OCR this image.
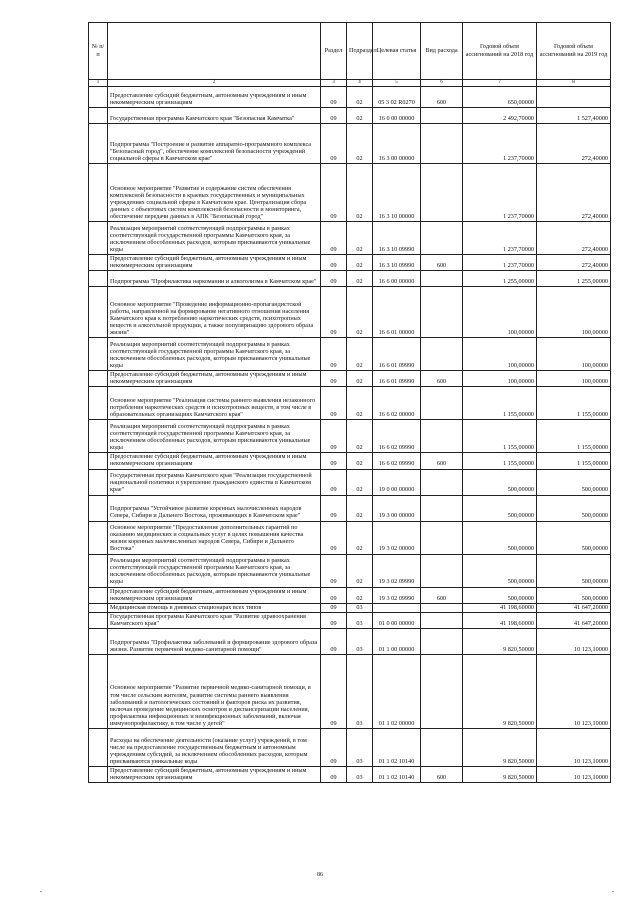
№ п/п		Раздел	Подраздел	Целевая статья	Вид расхода	Годовой объем ассигнований на 2018 год	Годовой объем ассигнований на 2019 год
1	2	3	4	5	6	7	8
	Предоставление субсидий бюджетным, автономным учреждениям и иным некоммерческим организациям	09	02	05 3 02 R0270	600	650,00000	
	Государственная программа Камчатского края "Безопасная Камчатка"	09	02	16 0 00 00000		2 492,70000	1 527,40000
	Подпрограмма "Построение и развитие аппаратно-программного комплекса "Безопасный город", обеспечение комплексной безопасности учреждений социальной сферы в Камчатском крае"	09	02	16 3 00 00000		1 237,70000	272,40000
	Основное мероприятие "Развитие и содержание систем обеспечения комплексной безопасности в краевых государственных и муниципальных учреждениях социальной сферы в Камчатском крае. Централизация сбора данных с объектовых систем комплексной безопасности и мониторинга, обеспечение передачи данных в АПК "Безопасный город"	09	02	16 3 10 00000		1 237,70000	272,40000
	Реализация мероприятий соответствующей подпрограммы в рамках соответствующей государственной программы Камчатского края, за исключением обособленных расходов, которым присваиваются уникальные коды	09	02	16 3 10 09990		1 237,70000	272,40000
	Предоставление субсидий бюджетным, автономным учреждениям и иным некоммерческим организациям	09	02	16 3 10 09990	600	1 237,70000	272,40000
	Подпрограмма "Профилактика наркомании и алкоголизма в Камчатском крае"	09	02	16 6 00 00000		1 255,00000	1 255,00000
	Основное мероприятие "Проведение информационно-пропагандистской работы, направленной на формирование негативного отношения населения Камчатского края к потреблению наркотических средств, психотропных веществ и алкогольной продукции, а также популяризацию здорового образа жизни"	09	02	16 6 01 00000		100,00000	100,00000
	Реализация мероприятий соответствующей подпрограммы в рамках соответствующей государственной программы Камчатского края, за исключением обособленных расходов, которым присваиваются уникальные коды	09	02	16 6 01 09990		100,00000	100,00000
	Предоставление субсидий бюджетным, автономным учреждениям и иным некоммерческим организациям	09	02	16 6 01 09990	600	100,00000	100,00000
	Основное мероприятие "Реализация системы раннего выявления незаконного потребления наркотических средств и психотропных веществ, в том числе в образовательных организациях Камчатского края"	09	02	16 6 02 00000		1 155,00000	1 155,00000
	Реализация мероприятий соответствующей подпрограммы в рамках соответствующей государственной программы Камчатского края, за исключением обособленных расходов, которым присваиваются уникальные коды	09	02	16 6 02 09990		1 155,00000	1 155,00000
	Предоставление субсидий бюджетным, автономным учреждениям и иным некоммерческим организациям	09	02	16 6 02 09990	600	1 155,00000	1 155,00000
	Государственная программа Камчатского края "Реализация государственной национальной политики и укрепление гражданского единства в Камчатском крае"	09	02	19 0 00 00000		500,00000	500,00000
	Подпрограмма "Устойчивое развитие коренных малочисленных народов Севера, Сибири и Дальнего Востока, проживающих в Камчатском крае"	09	02	19 3 00 00000		500,00000	500,00000
	Основное мероприятие "Предоставление дополнительных гарантий по оказанию медицинских и социальных услуг в целях повышения качества жизни коренных малочисленных народов Севера, Сибири и Дальнего Востока"	09	02	19 3 02 00000		500,00000	500,00000
	Реализация мероприятий соответствующей подпрограммы в рамках соответствующей государственной программы Камчатского края, за исключением обособленных расходов, которым присваиваются уникальные коды	09	02	19 3 02 09990		500,00000	500,00000
	Предоставление субсидий бюджетным, автономным учреждениям и иным некоммерческим организациям	09	02	19 3 02 09990	600	500,00000	500,00000
	Медицинская помощь в дневных стационарах всех типов	09	03			41 198,60000	41 647,20000
	Государственная программа Камчатского края "Развитие здравоохранения Камчатского края"	09	03	01 0 00 00000		41 198,60000	41 647,20000
	Подпрограмма "Профилактика заболеваний и формирование здорового образа жизни. Развитие первичной медико-санитарной помощи"	09	03	01 1 00 00000		9 820,50000	10 123,10000
	Основное мероприятие "Развитие первичной медико-санитарной помощи, в том числе сельским жителям, развитие системы раннего выявления заболеваний и патологических состояний и факторов риска их развития, включая проведение медицинских осмотров и диспансеризации населения, профилактика инфекционных и неинфекционных заболеваний, включая иммунопрофилактику, в том числе у детей"	09	03	01 1 02 00000		9 820,50000	10 123,10000
	Расходы на обеспечение деятельности (оказание услуг) учреждений, в том числе на предоставление государственным бюджетным и автономным учреждениям субсидий, за исключением обособленных расходов, которым присваиваются уникальные коды	09	03	01 1 02 10140		9 820,50000	10 123,10000
	Предоставление субсидий бюджетным, автономным учреждениям и иным некоммерческим организациям	09	03	01 1 02 10140	600	9 820,50000	10 123,10000
86
